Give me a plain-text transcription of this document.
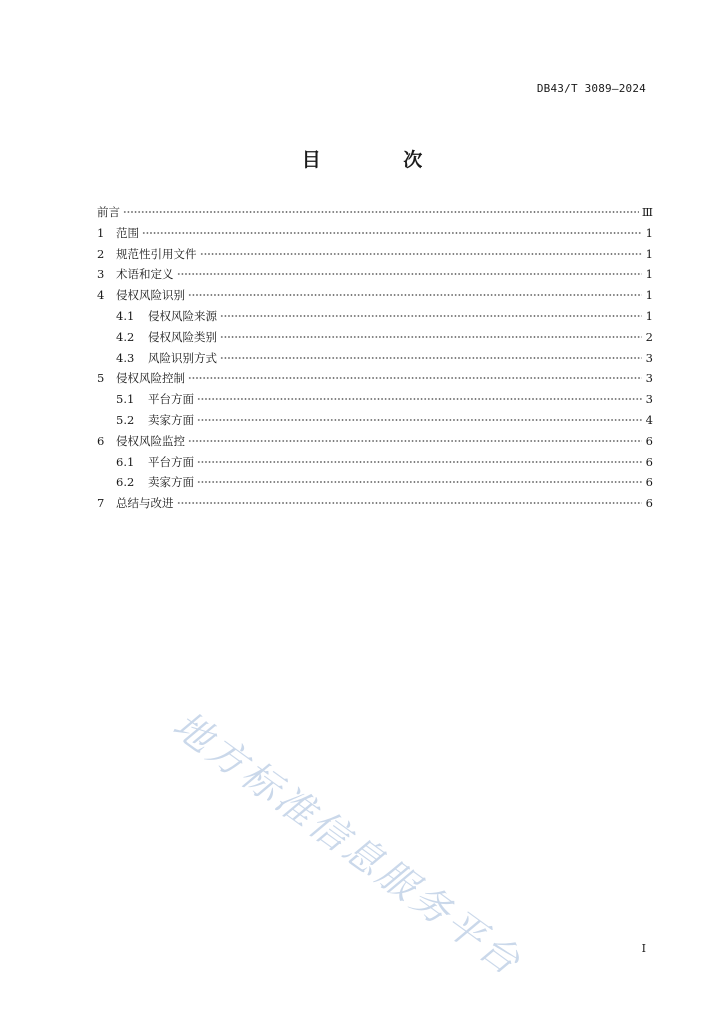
DB43/T 3089—2024
目 次
前言	Ⅲ
1	范围	1
2	规范性引用文件	1
3	术语和定义	1
4	侵权风险识别	1
4.1	侵权风险来源	1
4.2	侵权风险类别	2
4.3	风险识别方式	3
5	侵权风险控制	3
5.1	平台方面	3
5.2	卖家方面	4
6	侵权风险监控	6
6.1	平台方面	6
6.2	卖家方面	6
7	总结与改进	6
地方标准信息服务平台	I
